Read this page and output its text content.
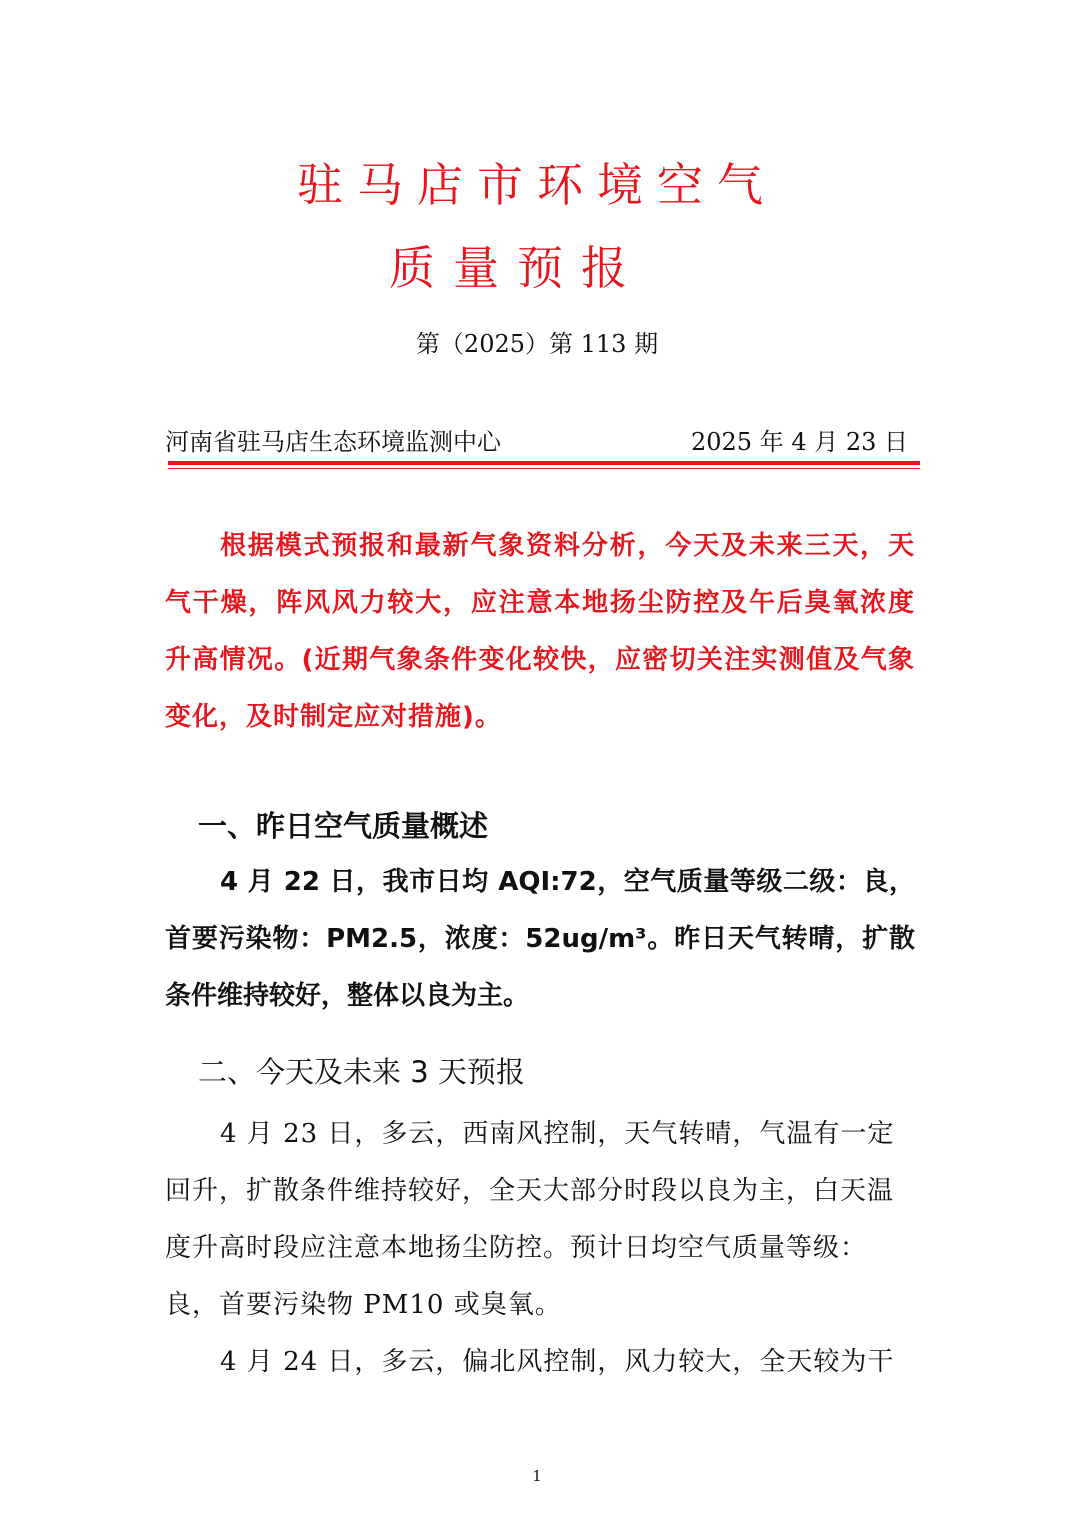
驻马店市环境空气
质量预报
第（2025）第 113 期
河南省驻马店生态环境监测中心	2025 年 4 月 23 日
根据模式预报和最新气象资料分析，今天及未来三天，天气干燥，阵风风力较大，应注意本地扬尘防控及午后臭氧浓度升高情况。(近期气象条件变化较快，应密切关注实测值及气象变化，及时制定应对措施)。
一、昨日空气质量概述
4 月 22 日，我市日均 AQI:72，空气质量等级二级：良，首要污染物：PM2.5，浓度：52ug/m³。昨日天气转晴，扩散条件维持较好，整体以良为主。
二、今天及未来 3 天预报
4 月 23 日，多云，西南风控制，天气转晴，气温有一定回升，扩散条件维持较好，全天大部分时段以良为主，白天温度升高时段应注意本地扬尘防控。预计日均空气质量等级：良，首要污染物 PM10 或臭氧。
4 月 24 日，多云，偏北风控制，风力较大，全天较为干
1
